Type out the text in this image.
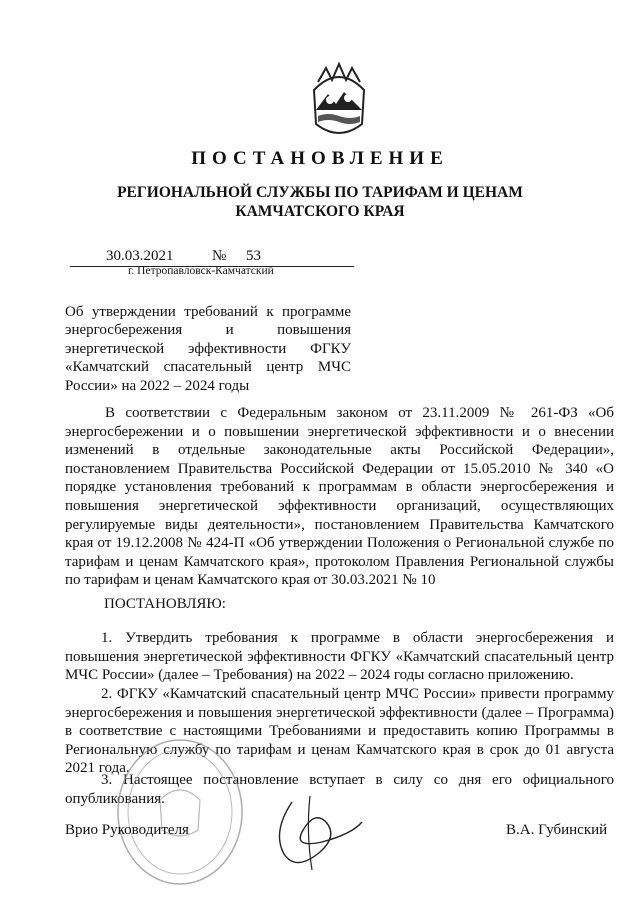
ПОСТАНОВЛЕНИЕ
РЕГИОНАЛЬНОЙ СЛУЖБЫ ПО ТАРИФАМ И ЦЕНАМ
КАМЧАТСКОГО КРАЯ
30.03.2021	№ 53
г. Петропавловск-Камчатский
Об утверждении требований к программе энергосбережения и повышения энергетической эффективности ФГКУ «Камчатский спасательный центр МЧС России» на 2022 – 2024 годы
В соответствии с Федеральным законом от 23.11.2009 № 261-ФЗ «Об энергосбережении и о повышении энергетической эффективности и о внесении изменений в отдельные законодательные акты Российской Федерации», постановлением Правительства Российской Федерации от 15.05.2010 № 340 «О порядке установления требований к программам в области энергосбережения и повышения энергетической эффективности организаций, осуществляющих регулируемые виды деятельности», постановлением Правительства Камчатского края от 19.12.2008 № 424-П «Об утверждении Положения о Региональной службе по тарифам и ценам Камчатского края», протоколом Правления Региональной службы по тарифам и ценам Камчатского края от 30.03.2021 № 10
ПОСТАНОВЛЯЮ:
1. Утвердить требования к программе в области энергосбережения и повышения энергетической эффективности ФГКУ «Камчатский спасательный центр МЧС России» (далее – Требования) на 2022 – 2024 годы согласно приложению.
2. ФГКУ «Камчатский спасательный центр МЧС России» привести программу энергосбережения и повышения энергетической эффективности (далее – Программа) в соответствие с настоящими Требованиями и предоставить копию Программы в Региональную службу по тарифам и ценам Камчатского края в срок до 01 августа 2021 года.
3. Настоящее постановление вступает в силу со дня его официального опубликования.
Врио Руководителя	В.А. Губинский
